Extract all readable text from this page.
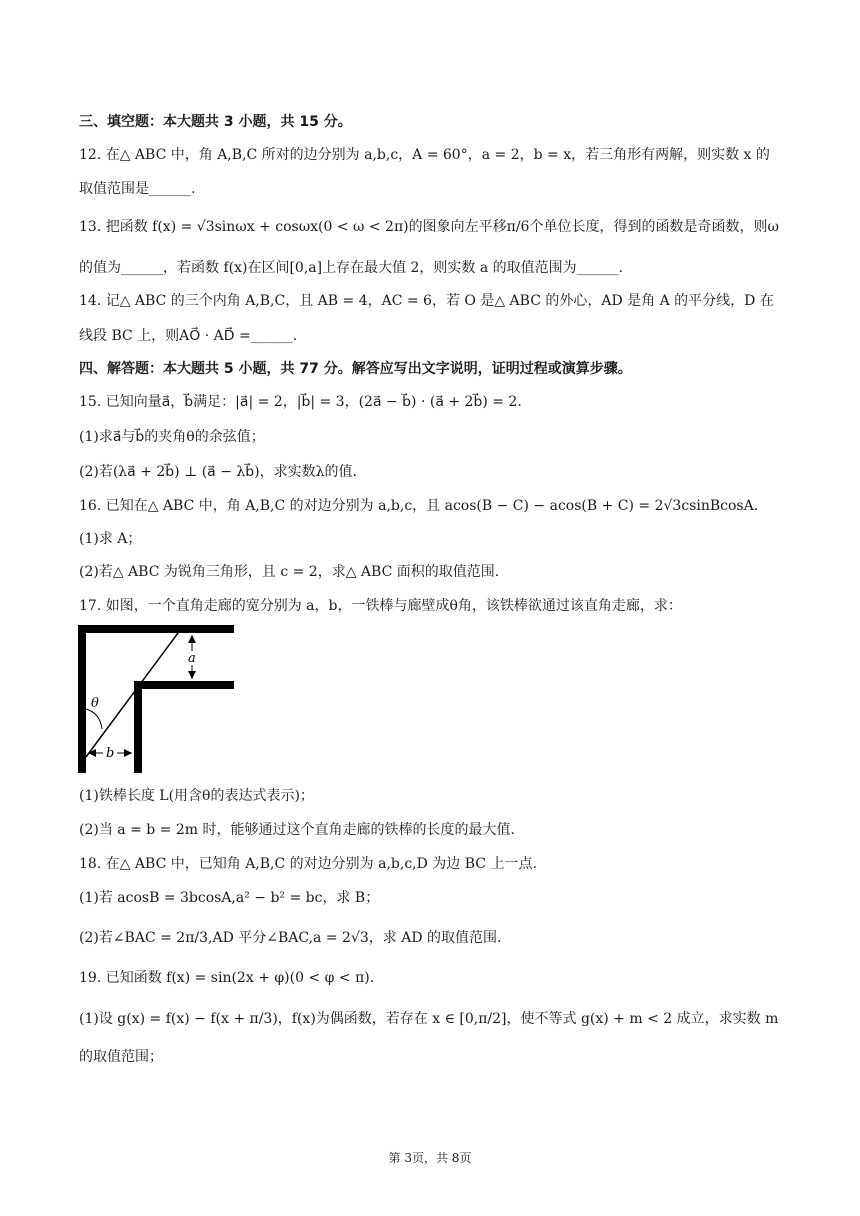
三、填空题：本大题共 3 小题，共 15 分。
12. 在△ ABC 中，角 A,B,C 所对的边分别为 a,b,c，A = 60°，a = 2，b = x，若三角形有两解，则实数 x 的
取值范围是______.
13. 把函数 f(x) = √3sinωx + cosωx(0 < ω < 2π)的图象向左平移π/6个单位长度，得到的函数是奇函数，则ω
的值为______，若函数 f(x)在区间[0,a]上存在最大值 2，则实数 a 的取值范围为______.
14. 记△ ABC 的三个内角 A,B,C，且 AB = 4，AC = 6，若 O 是△ ABC 的外心，AD 是角 A 的平分线，D 在
线段 BC 上，则AO⃗ · AD⃗ =______.
四、解答题：本大题共 5 小题，共 77 分。解答应写出文字说明，证明过程或演算步骤。
15. 已知向量a⃗，b⃗满足：|a⃗| = 2，|b⃗| = 3，(2a⃗ − b⃗) · (a⃗ + 2b⃗) = 2.
(1)求a⃗与b⃗的夹角θ的余弦值；
(2)若(λa⃗ + 2b⃗) ⊥ (a⃗ − λb⃗)，求实数λ的值.
16. 已知在△ ABC 中，角 A,B,C 的对边分别为 a,b,c，且 acos(B − C) − acos(B + C) = 2√3csinBcosA.
(1)求 A；
(2)若△ ABC 为锐角三角形，且 c = 2，求△ ABC 面积的取值范围.
17. 如图，一个直角走廊的宽分别为 a，b，一铁棒与廊壁成θ角，该铁棒欲通过该直角走廊，求：
θ
a
b
(1)铁棒长度 L(用含θ的表达式表示)；
(2)当 a = b = 2m 时，能够通过这个直角走廊的铁棒的长度的最大值.
18. 在△ ABC 中，已知角 A,B,C 的对边分别为 a,b,c,D 为边 BC 上一点.
(1)若 acosB = 3bcosA,a² − b² = bc，求 B；
(2)若∠BAC = 2π/3,AD 平分∠BAC,a = 2√3，求 AD 的取值范围.
19. 已知函数 f(x) = sin(2x + φ)(0 < φ < π).
(1)设 g(x) = f(x) − f(x + π/3)，f(x)为偶函数，若存在 x ∈ [0,π/2]，使不等式 g(x) + m < 2 成立，求实数 m
的取值范围；
第 3页，共 8页
